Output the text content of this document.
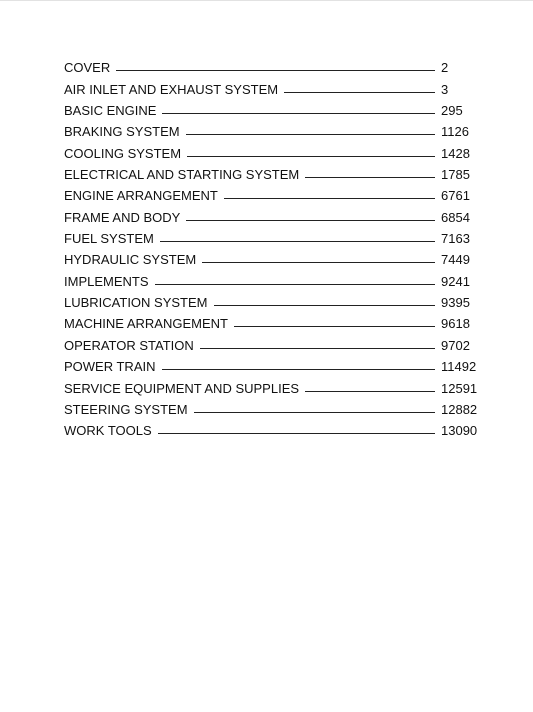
COVER	2
AIR INLET AND EXHAUST SYSTEM	3
BASIC ENGINE	295
BRAKING SYSTEM	1126
COOLING SYSTEM	1428
ELECTRICAL AND STARTING SYSTEM	1785
ENGINE ARRANGEMENT	6761
FRAME AND BODY	6854
FUEL SYSTEM	7163
HYDRAULIC SYSTEM	7449
IMPLEMENTS	9241
LUBRICATION SYSTEM	9395
MACHINE ARRANGEMENT	9618
OPERATOR STATION	9702
POWER TRAIN	11492
SERVICE EQUIPMENT AND SUPPLIES	12591
STEERING SYSTEM	12882
WORK TOOLS	13090
